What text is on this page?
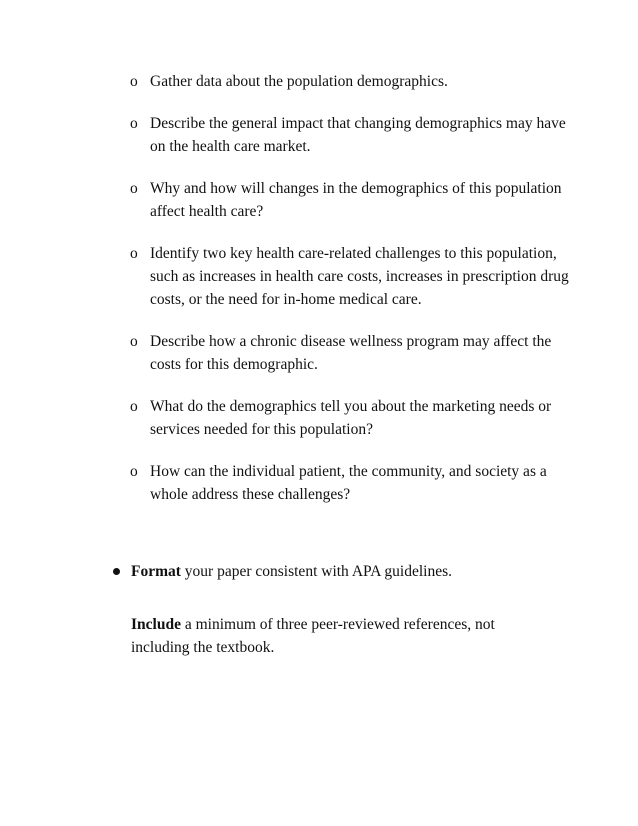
o Gather data about the population demographics.
o Describe the general impact that changing demographics may have on the health care market.
o Why and how will changes in the demographics of this population affect health care?
o Identify two key health care-related challenges to this population, such as increases in health care costs, increases in prescription drug costs, or the need for in-home medical care.
o Describe how a chronic disease wellness program may affect the costs for this demographic.
o What do the demographics tell you about the marketing needs or services needed for this population?
o How can the individual patient, the community, and society as a whole address these challenges?
Format your paper consistent with APA guidelines.

Include a minimum of three peer-reviewed references, not including the textbook.
